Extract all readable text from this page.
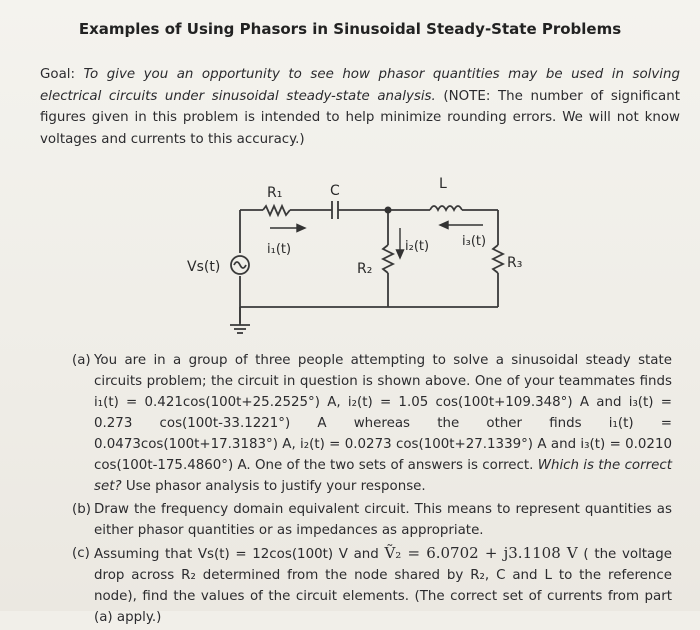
Examples of Using Phasors in Sinusoidal Steady-State Problems
Goal: To give you an opportunity to see how phasor quantities may be used in solving electrical circuits under sinusoidal steady-state analysis. (NOTE: The number of significant figures given in this problem is intended to help minimize rounding errors. We will not know voltages and currents to this accuracy.)
R₁	C	L
i₁(t)	i₂(t)	i₃(t)
R₂	R₃
Vs(t)
(a) You are in a group of three people attempting to solve a sinusoidal steady state circuits problem; the circuit in question is shown above. One of your teammates finds i₁(t) = 0.421cos(100t+25.2525°) A, i₂(t) = 1.05 cos(100t+109.348°) A and i₃(t) = 0.273 cos(100t-33.1221°) A whereas the other finds i₁(t) = 0.0473cos(100t+17.3183°) A, i₂(t) = 0.0273 cos(100t+27.1339°) A and i₃(t) = 0.0210 cos(100t-175.4860°) A. One of the two sets of answers is correct. Which is the correct set? Use phasor analysis to justify your response.
(b) Draw the frequency domain equivalent circuit. This means to represent quantities as either phasor quantities or as impedances as appropriate.
(c) Assuming that Vs(t) = 12cos(100t) V and Ṽ₂ = 6.0702 + j3.1108 V ( the voltage drop across R₂ determined from the node shared by R₂, C and L to the reference node), find the values of the circuit elements. (The correct set of currents from part (a) apply.)
